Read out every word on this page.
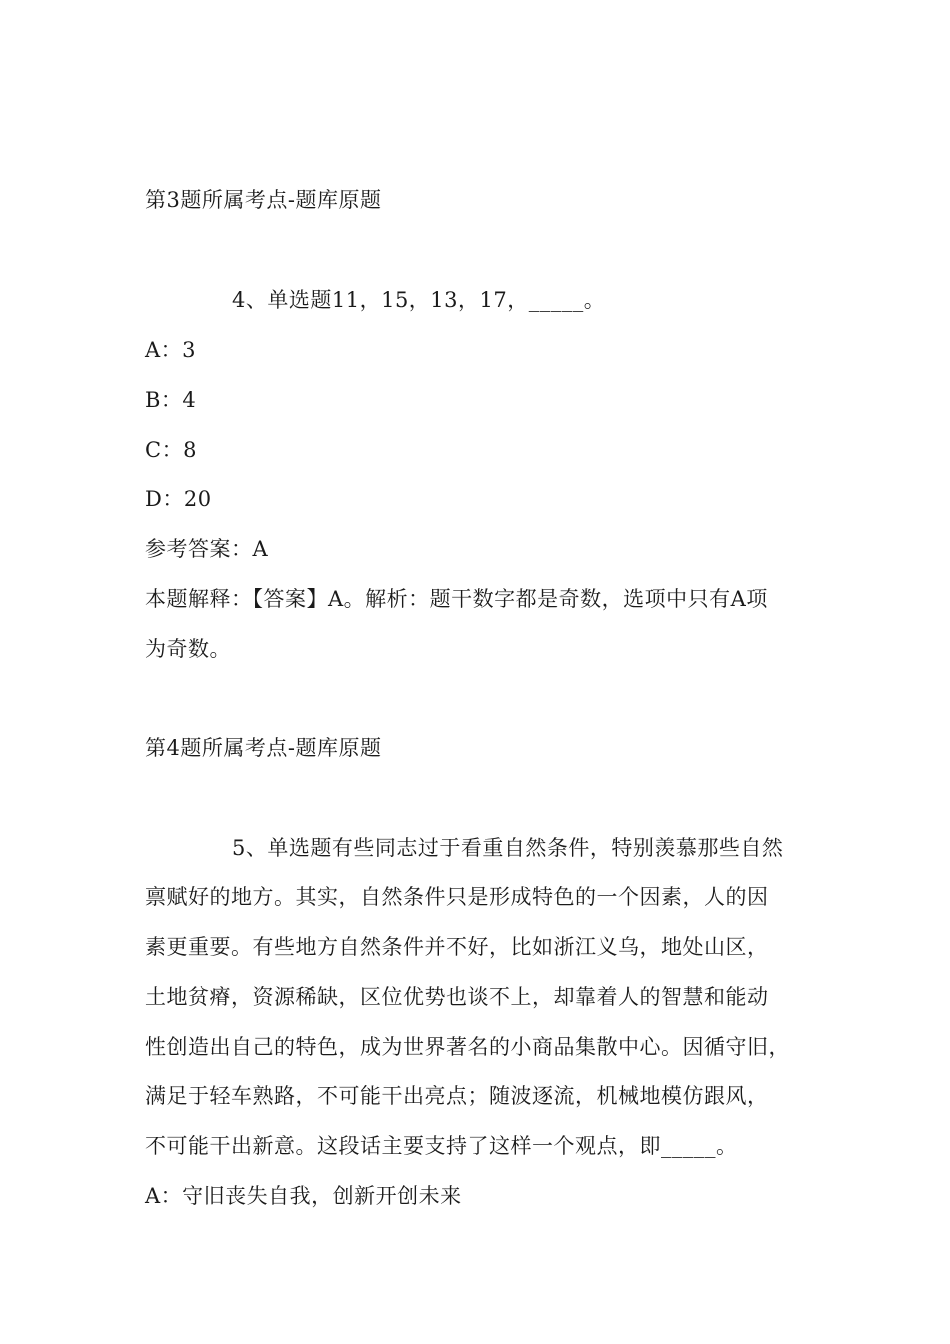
第3题所属考点-题库原题
4、单选题11，15，13，17，_____。
A：3
B：4
C：8
D：20
参考答案：A
本题解释：【答案】A。解析：题干数字都是奇数，选项中只有A项
为奇数。
第4题所属考点-题库原题
5、单选题有些同志过于看重自然条件，特别羡慕那些自然
禀赋好的地方。其实，自然条件只是形成特色的一个因素，人的因
素更重要。有些地方自然条件并不好，比如浙江义乌，地处山区，
土地贫瘠，资源稀缺，区位优势也谈不上，却靠着人的智慧和能动
性创造出自己的特色，成为世界著名的小商品集散中心。因循守旧，
满足于轻车熟路，不可能干出亮点；随波逐流，机械地模仿跟风，
不可能干出新意。这段话主要支持了这样一个观点，即_____。
A：守旧丧失自我，创新开创未来
